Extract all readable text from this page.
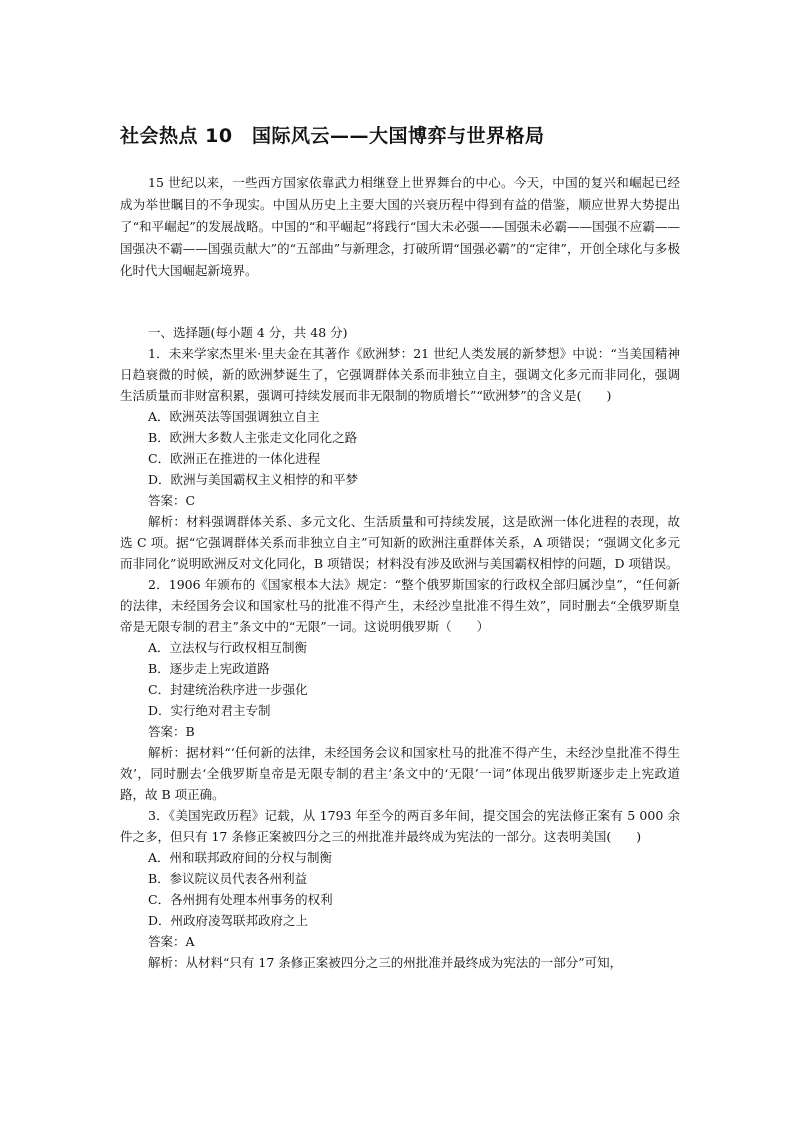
社会热点 10　国际风云——大国博弈与世界格局

15 世纪以来，一些西方国家依靠武力相继登上世界舞台的中心。今天，中国的复兴和崛起已经成为举世瞩目的不争现实。中国从历史上主要大国的兴衰历程中得到有益的借鉴，顺应世界大势提出了“和平崛起”的发展战略。中国的“和平崛起”将践行“国大未必强——国强未必霸——国强不应霸——国强决不霸——国强贡献大”的“五部曲”与新理念，打破所谓“国强必霸”的“定律”，开创全球化与多极化时代大国崛起新境界。

一、选择题(每小题 4 分，共 48 分)

1．未来学家杰里米·里夫金在其著作《欧洲梦：21 世纪人类发展的新梦想》中说：“当美国精神日趋衰微的时候，新的欧洲梦诞生了，它强调群体关系而非独立自主，强调文化多元而非同化，强调生活质量而非财富积累，强调可持续发展而非无限制的物质增长”“欧洲梦”的含义是(　　)

A．欧洲英法等国强调独立自主

B．欧洲大多数人主张走文化同化之路

C．欧洲正在推进的一体化进程

D．欧洲与美国霸权主义相悖的和平梦

答案：C

解析：材料强调群体关系、多元文化、生活质量和可持续发展，这是欧洲一体化进程的表现，故选 C 项。据“它强调群体关系而非独立自主”可知新的欧洲注重群体关系，A 项错误；“强调文化多元而非同化”说明欧洲反对文化同化，B 项错误；材料没有涉及欧洲与美国霸权相悖的问题，D 项错误。

2．1906 年颁布的《国家根本大法》规定：“整个俄罗斯国家的行政权全部归属沙皇”，“任何新的法律，未经国务会议和国家杜马的批准不得产生，未经沙皇批准不得生效”，同时删去“全俄罗斯皇帝是无限专制的君主”条文中的“无限”一词。这说明俄罗斯（　　）

A．立法权与行政权相互制衡

B．逐步走上宪政道路

C．封建统治秩序进一步强化

D．实行绝对君主专制

答案：B

解析：据材料“‘任何新的法律，未经国务会议和国家杜马的批准不得产生，未经沙皇批准不得生效’，同时删去‘全俄罗斯皇帝是无限专制的君主’条文中的‘无限’一词”体现出俄罗斯逐步走上宪政道路，故 B 项正确。

3．《美国宪政历程》记载，从 1793 年至今的两百多年间，提交国会的宪法修正案有 5 000 余件之多，但只有 17 条修正案被四分之三的州批准并最终成为宪法的一部分。这表明美国(　　)

A．州和联邦政府间的分权与制衡

B．参议院议员代表各州利益

C．各州拥有处理本州事务的权利

D．州政府凌驾联邦政府之上

答案：A

解析：从材料“只有 17 条修正案被四分之三的州批准并最终成为宪法的一部分”可知，
